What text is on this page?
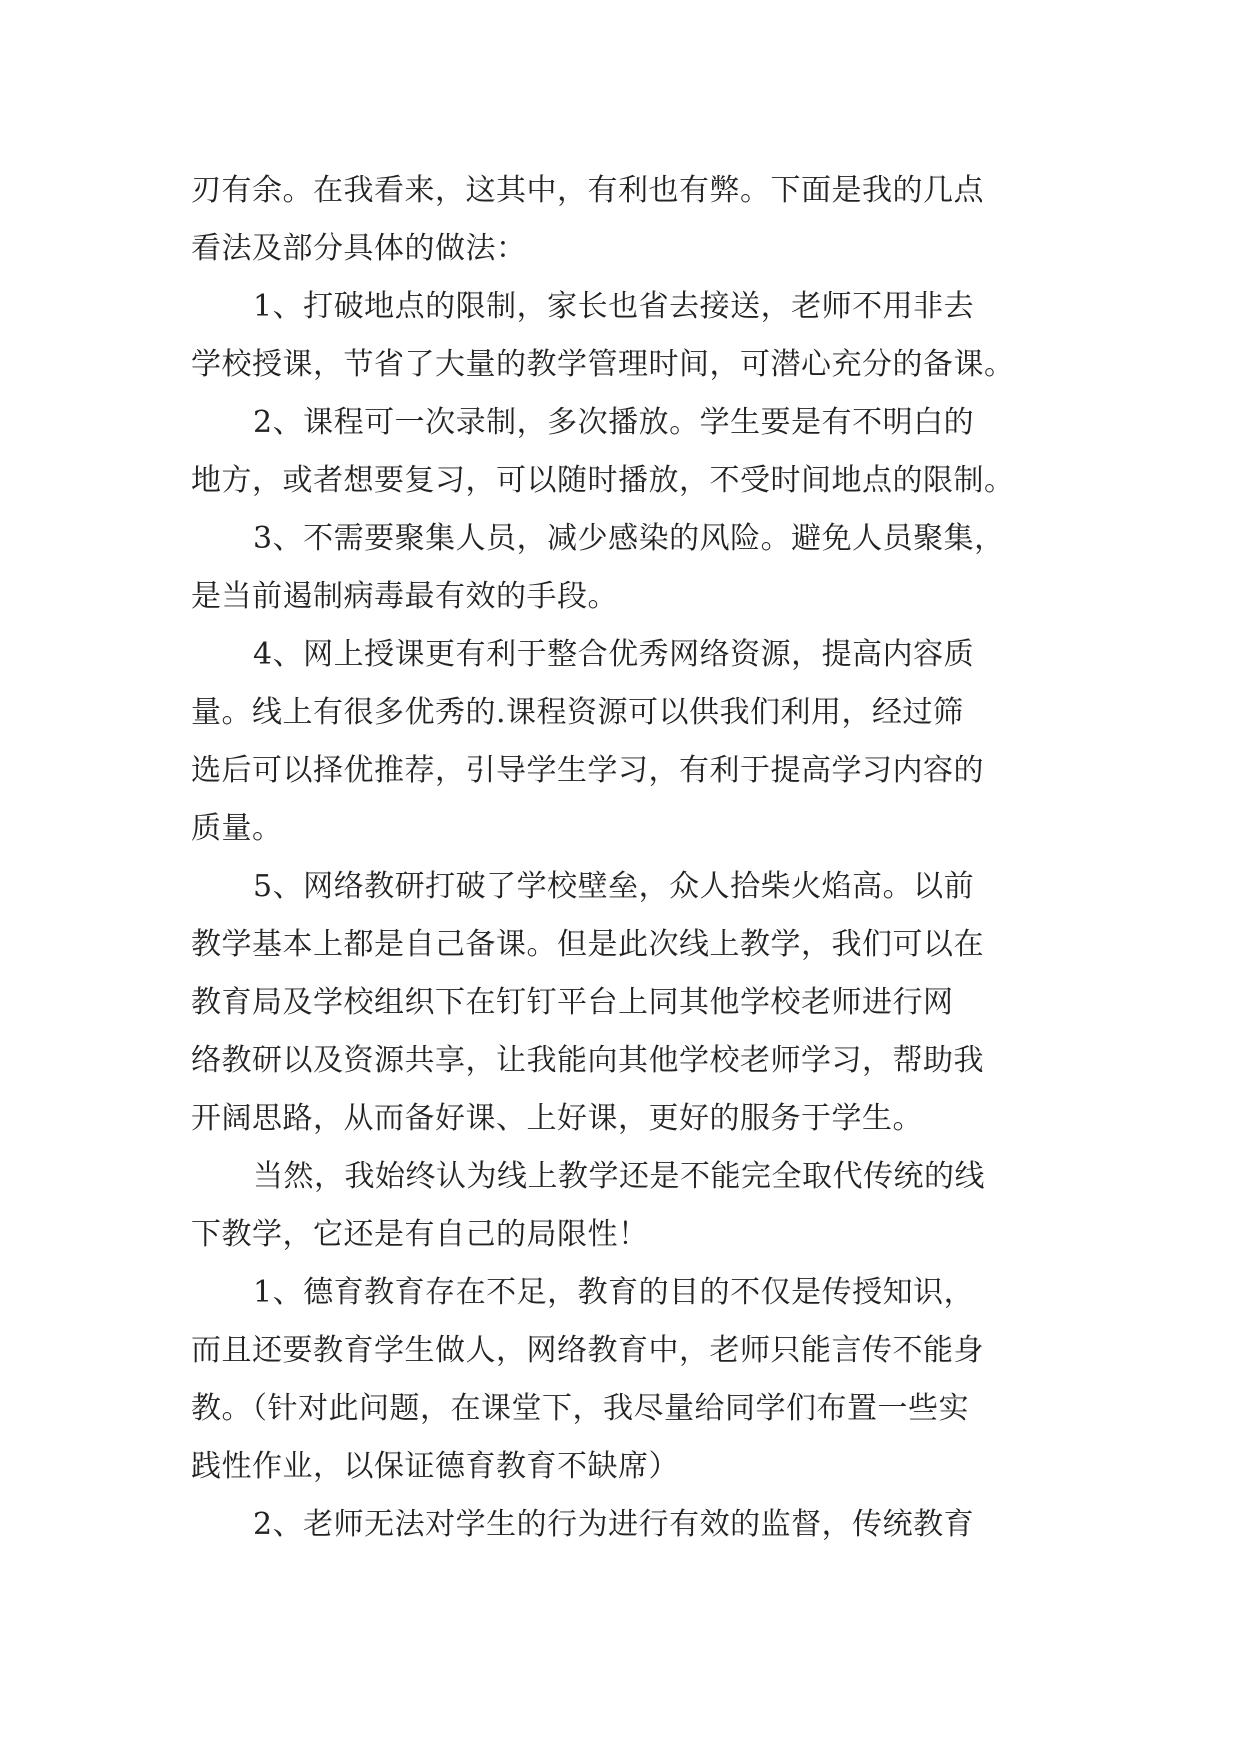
刃有余。在我看来，这其中，有利也有弊。下面是我的几点
看法及部分具体的做法：
1、打破地点的限制，家长也省去接送，老师不用非去
学校授课，节省了大量的教学管理时间，可潜心充分的备课。
2、课程可一次录制，多次播放。学生要是有不明白的
地方，或者想要复习，可以随时播放，不受时间地点的限制。
3、不需要聚集人员，减少感染的风险。避免人员聚集，
是当前遏制病毒最有效的手段。
4、网上授课更有利于整合优秀网络资源，提高内容质
量。线上有很多优秀的.课程资源可以供我们利用，经过筛
选后可以择优推荐，引导学生学习，有利于提高学习内容的
质量。
5、网络教研打破了学校壁垒，众人拾柴火焰高。以前
教学基本上都是自己备课。但是此次线上教学，我们可以在
教育局及学校组织下在钉钉平台上同其他学校老师进行网
络教研以及资源共享，让我能向其他学校老师学习，帮助我
开阔思路，从而备好课、上好课，更好的服务于学生。
当然，我始终认为线上教学还是不能完全取代传统的线
下教学，它还是有自己的局限性！
1、德育教育存在不足，教育的目的不仅是传授知识，
而且还要教育学生做人，网络教育中，老师只能言传不能身
教。（针对此问题，在课堂下，我尽量给同学们布置一些实
践性作业，以保证德育教育不缺席）
2、老师无法对学生的行为进行有效的监督，传统教育
